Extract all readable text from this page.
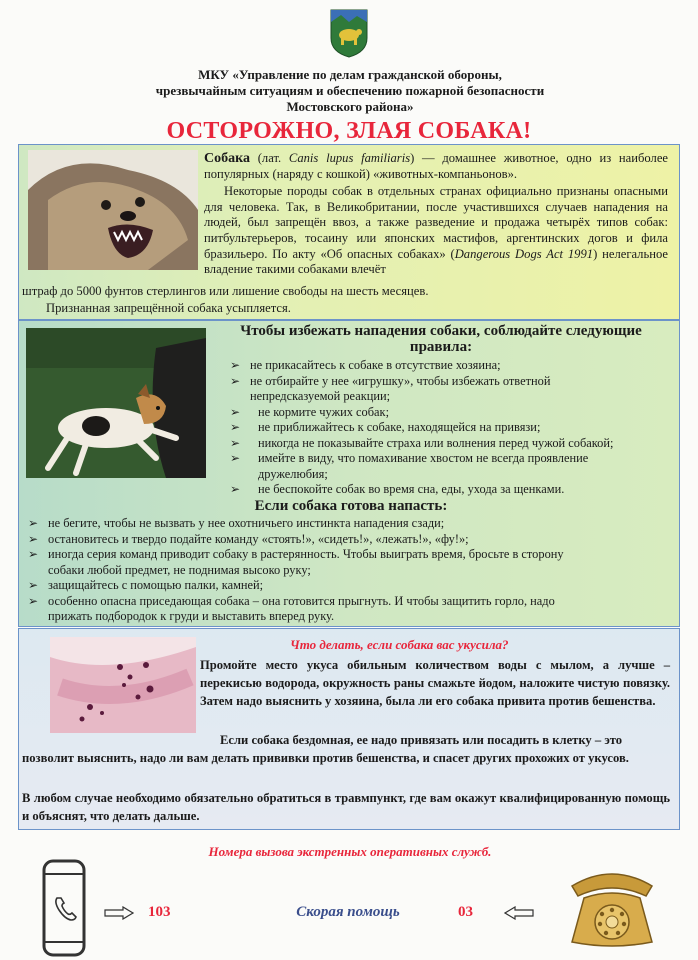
МКУ «Управление по делам гражданской обороны,
чрезвычайным ситуациям и обеспечению пожарной безопасности
Мостовского района»
ОСТОРОЖНО, ЗЛАЯ СОБАКА!
Собака (лат. Canis lupus familiaris) — домашнее животное, одно из наиболее популярных (наряду с кошкой) «животных-компаньонов».
Некоторые породы собак в отдельных странах официально признаны опасными для человека. Так, в Великобритании, после участившихся случаев нападения на людей, был запрещён ввоз, а также разведение и продажа четырёх типов собак: питбультерьеров, тосаину или японских мастифов, аргентинских догов и фила бразильеро. По акту «Об опасных собаках» (Dangerous Dogs Act 1991) нелегальное владение такими собаками влечёт
штраф до 5000 фунтов стерлингов или лишение свободы на шесть месяцев.
Признанная запрещённой собака усыпляется.
Чтобы избежать нападения собаки, соблюдайте следующие
правила:
➢ не прикасайтесь к собаке в отсутствие хозяина;
➢ не отбирайте у нее «игрушку», чтобы избежать ответной
непредсказуемой реакции;
➢ не кормите чужих собак;
➢ не приближайтесь к собаке, находящейся на привязи;
➢ никогда не показывайте страха или волнения перед чужой собакой;
➢ имейте в виду, что помахивание хвостом не всегда проявление
дружелюбия;
➢ не беспокойте собак во время сна, еды, ухода за щенками.
Если собака готова напасть:
➢ не бегите, чтобы не вызвать у нее охотничьего инстинкта нападения сзади;
➢ остановитесь и твердо подайте команду «стоять!», «сидеть!», «лежать!», «фу!»;
➢ иногда серия команд приводит собаку в растерянность. Чтобы выиграть время, бросьте в сторону
собаки любой предмет, не поднимая высоко руку;
➢ защищайтесь с помощью палки, камней;
➢ особенно опасна приседающая собака – она готовится прыгнуть. И чтобы защитить горло, надо
прижать подбородок к груди и выставить вперед руку.
Что делать, если собака вас укусила?
Промойте место укуса обильным количеством воды с мылом, а лучше – перекисью водорода, окружность раны смажьте йодом, наложите чистую повязку. Затем надо выяснить у хозяина, была ли его собака привита против бешенства.
Если собака бездомная, ее надо привязать или посадить в клетку – это
позволит выяснить, надо ли вам делать прививки против бешенства, и спасет других прохожих от укусов.
В любом случае необходимо обязательно обратиться в травмпункт, где вам окажут квалифицированную помощь и объяснят, что делать дальше.
Номера вызова экстренных оперативных служб.
103	Скорая помощь	03
